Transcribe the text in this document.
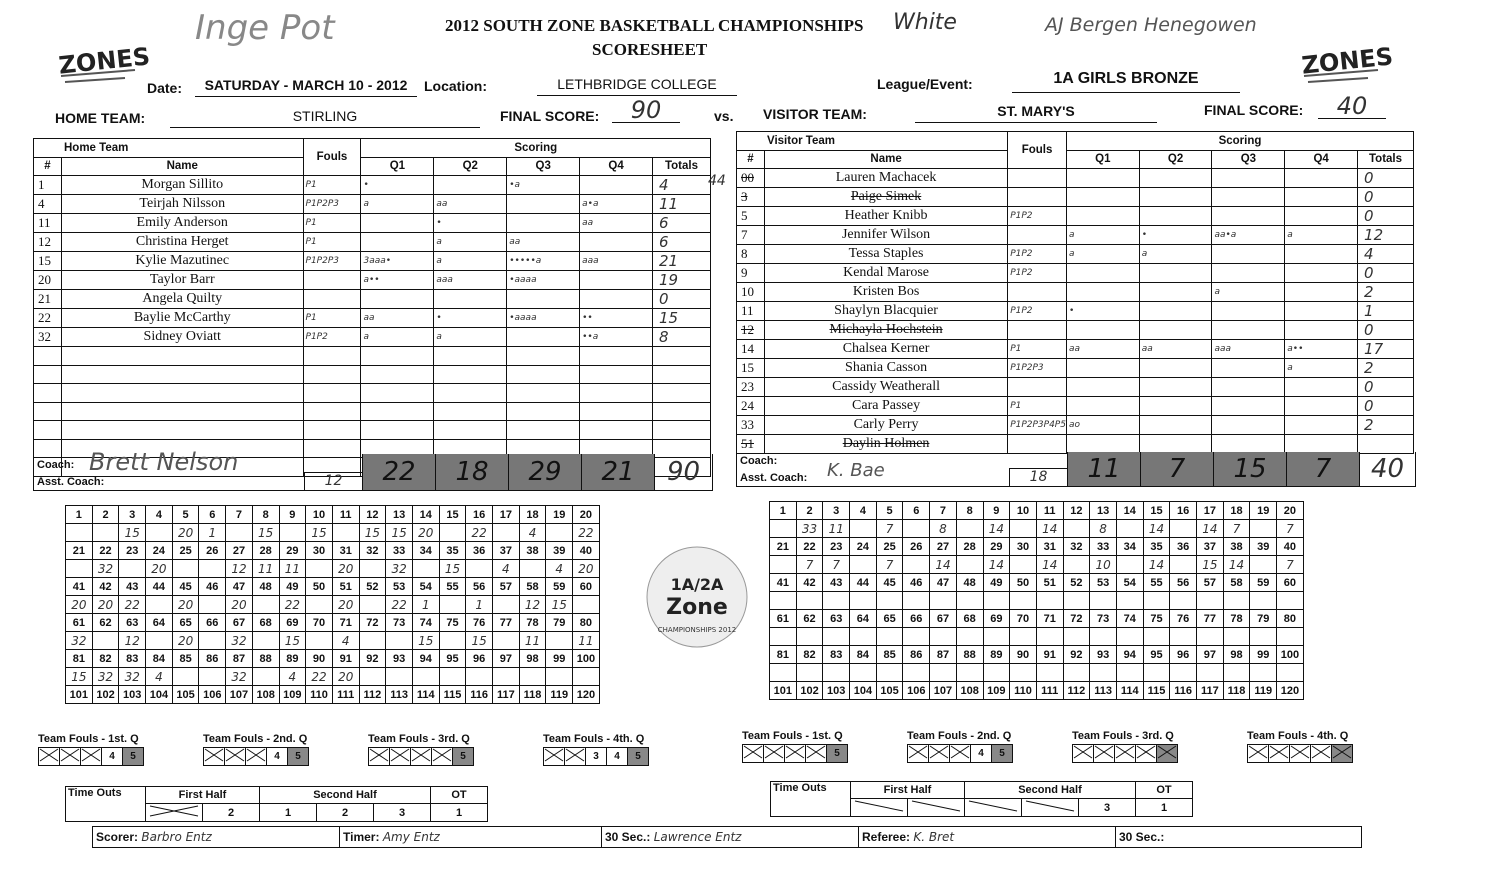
ZONES	ZONES
Inge Pot	2012 SOUTH ZONE BASKETBALL CHAMPIONSHIPS White	AJ Bergen Henegowen
SCORESHEET
Date:	SATURDAY - MARCH 10 - 2012	Location:	LETHBRIDGE COLLEGE	League/Event:	1A GIRLS BRONZE
HOME TEAM:	STIRLING	FINAL SCORE:	90	vs. VISITOR TEAM:	ST. MARY'S	FINAL SCORE:	40
Home Team		Fouls	Scoring				
#	Name		Q1	Q2	Q3	Q4	Totals
1	Morgan Sillito	P1	•		•a		4
4	Teirjah Nilsson	P1P2P3	a	aa		a•a	11
11	Emily Anderson	P1		•		aa	6
12	Christina Herget	P1		a	aa		6
15	Kylie Mazutinec	P1P2P3	3aaa•	a	•••••a	aaa	21
20	Taylor Barr		a••	aaa	•aaaa		19
21	Angela Quilty						0
22	Baylie McCarthy	P1	aa	•	•aaaa	••	15
32	Sidney Oviatt	P1P2	a	a		••a	8

Coach: Brett Nelson
Asst. Coach:	12	22	18	29	21	90
44
Visitor Team		Fouls	Scoring				
#	Name		Q1	Q2	Q3	Q4	Totals
00	Lauren Machacek						0
3	Paige Simek						0
5	Heather Knibb	P1P2					0
7	Jennifer Wilson		a	•	aa•a	a	12
8	Tessa Staples	P1P2	a	a			4
9	Kendal Marose	P1P2					0
10	Kristen Bos				a		2
11	Shaylyn Blacquier	P1P2	•				1
12	Michayla Hochstein						0
14	Chalsea Kerner	P1	aa	aa	aaa	a••	17
15	Shania Casson	P1P2P3				a	2
23	Cassidy Weatherall						0
24	Cara Passey	P1					0
33	Carly Perry	P1P2P3P4P5	ao				2
51	Daylin Holmen						
Coach:	K. Bae
Asst. Coach:	18	11	7	15	7	40
1	2	3	4	5	6	7	8	9	10	11	12	13	14	15	16	17	18	19	20
		15		20	1		15		15		15	15	20		22		4		22
21	22	23	24	25	26	27	28	29	30	31	32	33	34	35	36	37	38	39	40
	32		20			12	11	11		20		32		15		4		4	20
41	42	43	44	45	46	47	48	49	50	51	52	53	54	55	56	57	58	59	60
20	20	22		20		20		22		20		22	1		1		12	15	
61	62	63	64	65	66	67	68	69	70	71	72	73	74	75	76	77	78	79	80
32		12		20		32		15		4			15		15		11		11
81	82	83	84	85	86	87	88	89	90	91	92	93	94	95	96	97	98	99	100
15	32	32	4			32		4	22	20									
101	102	103	104	105	106	107	108	109	110	111	112	113	114	115	116	117	118	119	120
1	2	3	4	5	6	7	8	9	10	11	12	13	14	15	16	17	18	19	20
	33	11		7		8		14		14		8		14		14	7		7
21	22	23	24	25	26	27	28	29	30	31	32	33	34	35	36	37	38	39	40
	7	7		7		14		14		14		10		14		15	14		7
41	42	43	44	45	46	47	48	49	50	51	52	53	54	55	56	57	58	59	60

61	62	63	64	65	66	67	68	69	70	71	72	73	74	75	76	77	78	79	80

81	82	83	84	85	86	87	88	89	90	91	92	93	94	95	96	97	98	99	100

101	102	103	104	105	106	107	108	109	110	111	112	113	114	115	116	117	118	119	120
1A/2A
Zone
CHAMPIONSHIPS 2012
Team Fouls - 1st. Q
			4	5
Team Fouls - 2nd. Q
			4	5
Team Fouls - 3rd. Q
				5
Team Fouls - 4th. Q
		3	4	5
Team Fouls - 1st. Q
				5
Team Fouls - 2nd. Q
			4	5
Team Fouls - 3rd. Q
					Team Fouls - 4th. Q

Time Outs	First Half		Second Half			OT
	2	1	2	3	1
Time Outs	First Half		Second Half			OT
				3	1
Scorer: Barbro Entz	Timer: Amy Entz	30 Sec.: Lawrence Entz	Referee: K. Bret	30 Sec.:
